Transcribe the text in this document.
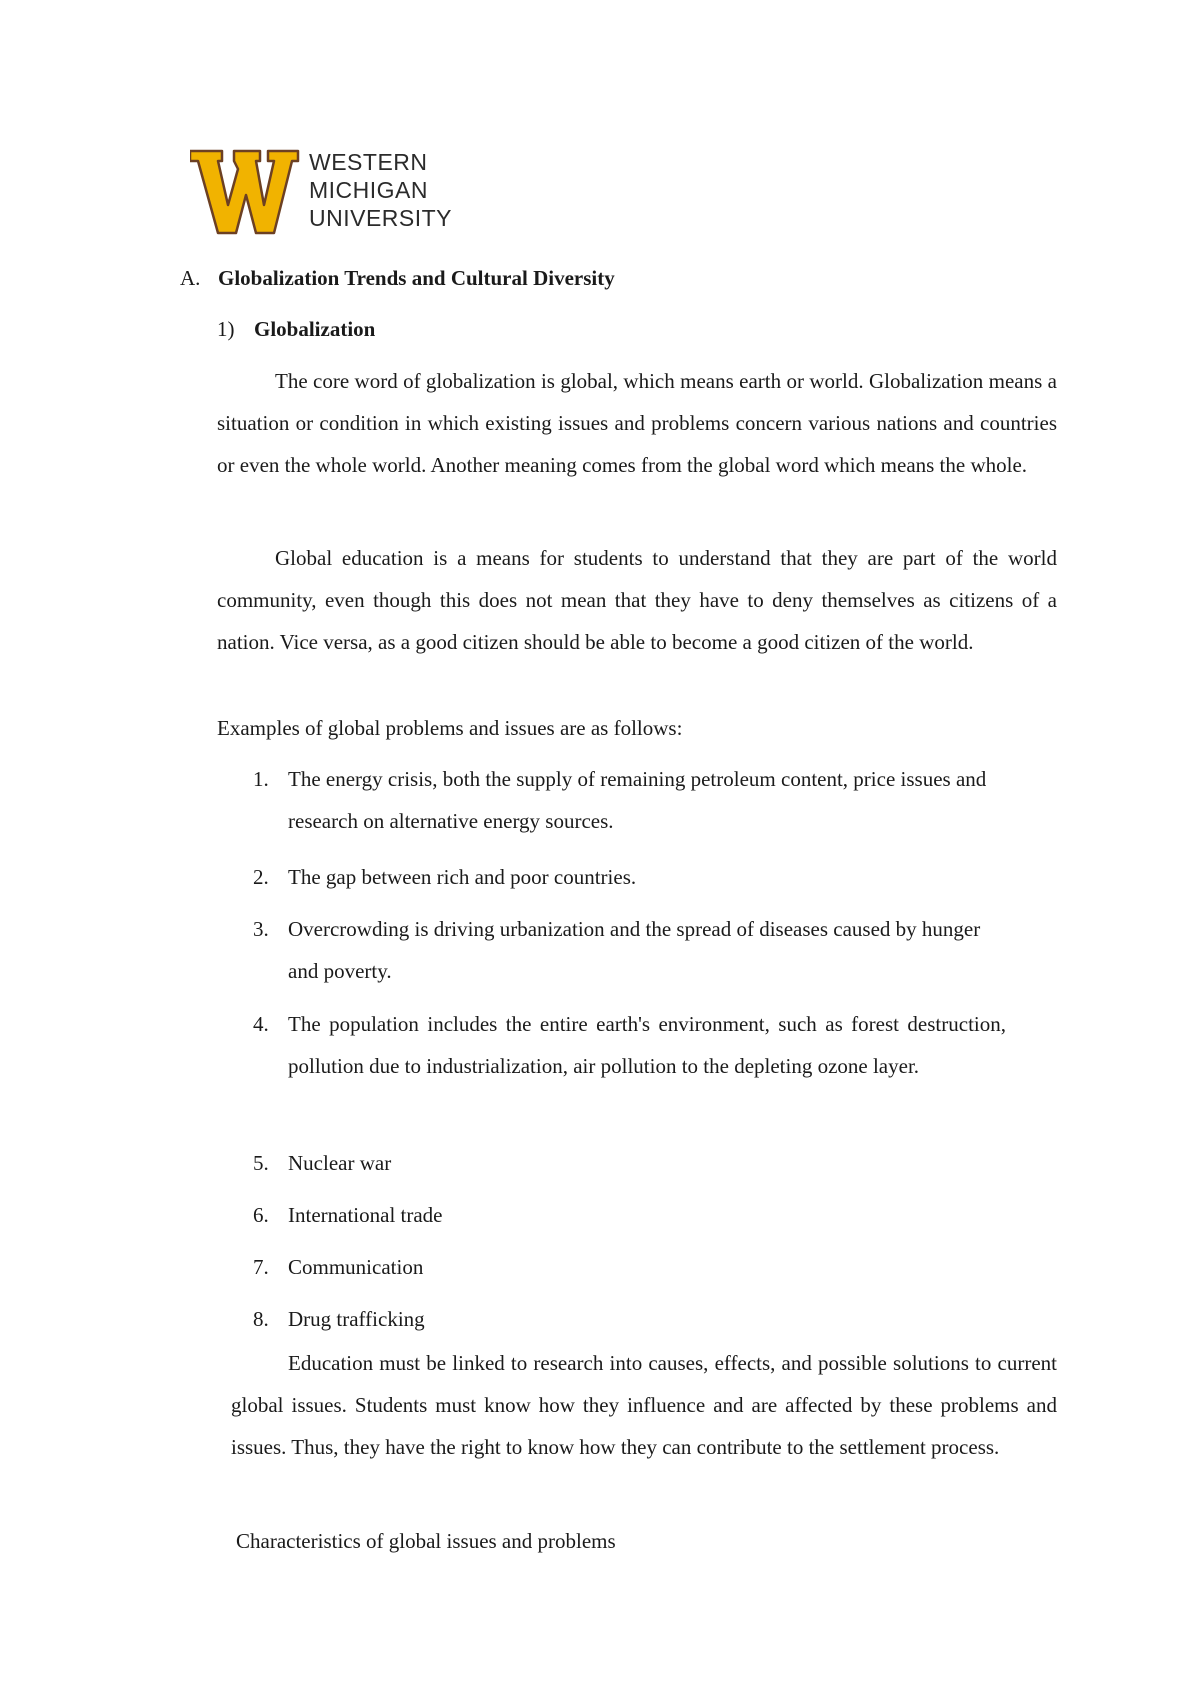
WESTERN
MICHIGAN
UNIVERSITY
A. Globalization Trends and Cultural Diversity
1) Globalization
The core word of globalization is global, which means earth or world. Globalization means a situation or condition in which existing issues and problems concern various nations and countries or even the whole world. Another meaning comes from the global word which means the whole.
Global education is a means for students to understand that they are part of the world community, even though this does not mean that they have to deny themselves as citizens of a nation. Vice versa, as a good citizen should be able to become a good citizen of the world.
Examples of global problems and issues are as follows:
1. The energy crisis, both the supply of remaining petroleum content, price issues and research on alternative energy sources.
2. The gap between rich and poor countries.
3. Overcrowding is driving urbanization and the spread of diseases caused by hunger and poverty.
4. The population includes the entire earth's environment, such as forest destruction, pollution due to industrialization, air pollution to the depleting ozone layer.
5. Nuclear war
6. International trade
7. Communication
8. Drug trafficking
Education must be linked to research into causes, effects, and possible solutions to current global issues. Students must know how they influence and are affected by these problems and issues. Thus, they have the right to know how they can contribute to the settlement process.
Characteristics of global issues and problems
